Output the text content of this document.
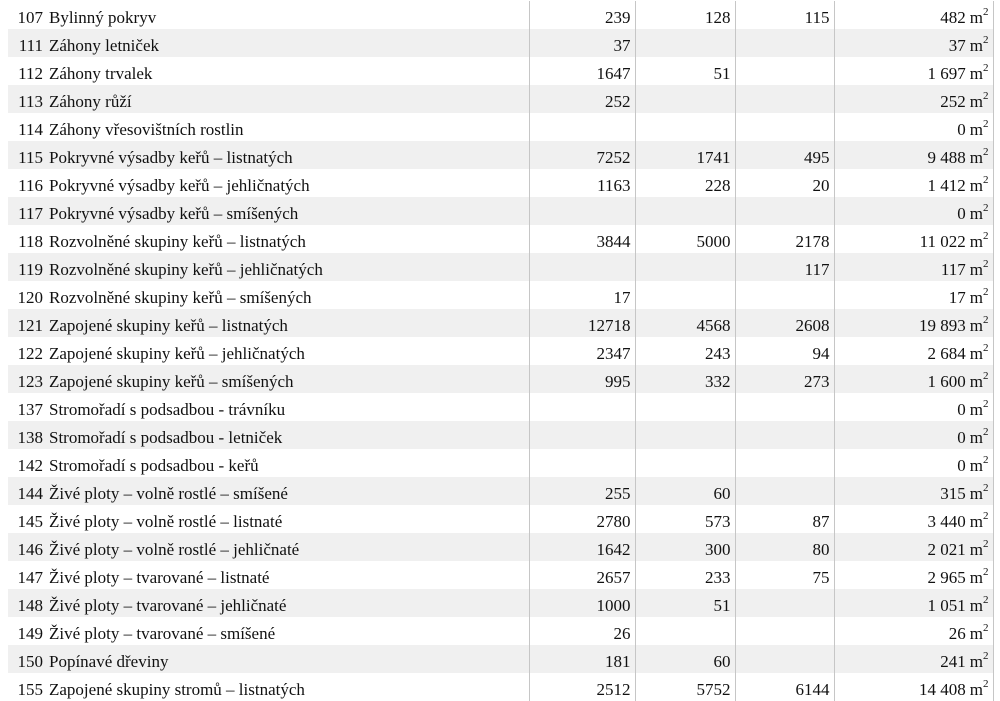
107 Bylinný pokryv	239	128	115	482 $m^2$
111 Záhony letniček	37			37 $m^2$
112 Záhony trvalek	1647	51		1 697 $m^2$
113 Záhony růží	252			252 $m^2$
114 Záhony vřesovištních rostlin				0 $m^2$
115 Pokryvné výsadby keřů – listnatých	7252	1741	495	9 488 $m^2$
116 Pokryvné výsadby keřů – jehličnatých	1163	228	20	1 412 $m^2$
117 Pokryvné výsadby keřů – smíšených				0 $m^2$
118 Rozvolněné skupiny keřů – listnatých	3844	5000	2178	11 022 $m^2$
119 Rozvolněné skupiny keřů – jehličnatých			117	117 $m^2$
120 Rozvolněné skupiny keřů – smíšených	17			17 $m^2$
121 Zapojené skupiny keřů – listnatých	12718	4568	2608	19 893 $m^2$
122 Zapojené skupiny keřů – jehličnatých	2347	243	94	2 684 $m^2$
123 Zapojené skupiny keřů – smíšených	995	332	273	1 600 $m^2$
137 Stromořadí s podsadbou - trávníku				0 $m^2$
138 Stromořadí s podsadbou - letniček				0 $m^2$
142 Stromořadí s podsadbou - keřů				0 $m^2$
144 Živé ploty – volně rostlé – smíšené	255	60		315 $m^2$
145 Živé ploty – volně rostlé – listnaté	2780	573	87	3 440 $m^2$
146 Živé ploty – volně rostlé – jehličnaté	1642	300	80	2 021 $m^2$
147 Živé ploty – tvarované – listnaté	2657	233	75	2 965 $m^2$
148 Živé ploty – tvarované – jehličnaté	1000	51		1 051 $m^2$
149 Živé ploty – tvarované – smíšené	26			26 $m^2$
150 Popínavé dřeviny	181	60		241 $m^2$
155 Zapojené skupiny stromů – listnatých	2512	5752	6144	14 408 $m^2$
